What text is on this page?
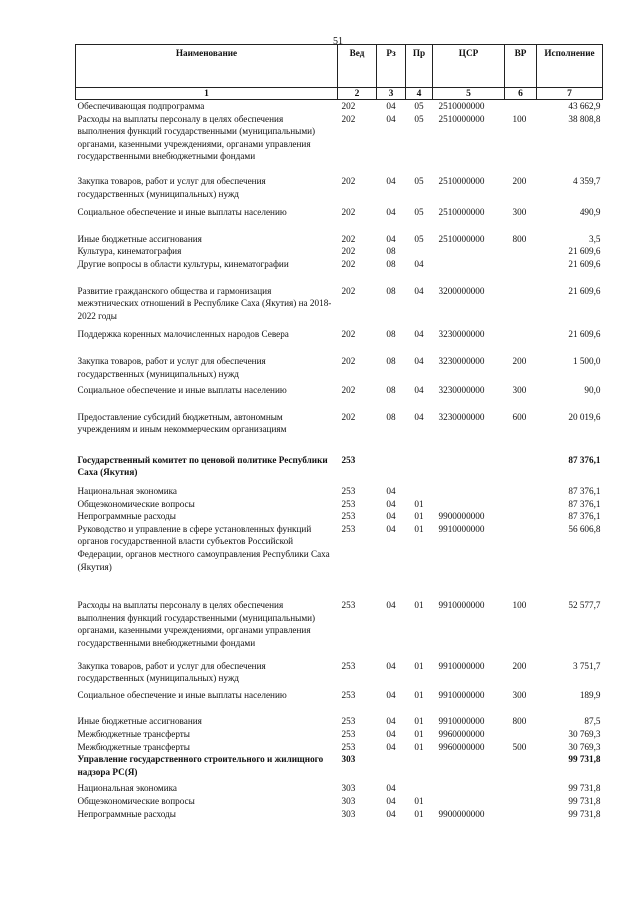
51
Наименование	Вед	Рз	Пр	ЦСР	ВР	Исполнение
1	2	3	4	5	6	7
Обеспечивающая подпрограмма	202	04	05	2510000000		43 662,9
Расходы на выплаты персоналу в целях обеспечения выполнения функций государственными (муниципальными) органами, казенными учреждениями, органами управления государственными внебюджетными фондами	202	04	05	2510000000	100	38 808,8
Закупка товаров, работ и услуг для обеспечения государственных (муниципальных) нужд	202	04	05	2510000000	200	4 359,7
Социальное обеспечение и иные выплаты населению	202	04	05	2510000000	300	490,9
Иные бюджетные ассигнования	202	04	05	2510000000	800	3,5
Культура, кинематография	202	08				21 609,6
Другие вопросы в области культуры, кинематографии	202	08	04			21 609,6
Развитие гражданского общества и гармонизация межэтнических отношений в Республике Саха (Якутия) на 2018-2022 годы	202	08	04	3200000000		21 609,6
Поддержка коренных малочисленных народов Севера	202	08	04	3230000000		21 609,6
Закупка товаров, работ и услуг для обеспечения государственных (муниципальных) нужд	202	08	04	3230000000	200	1 500,0
Социальное обеспечение и иные выплаты населению	202	08	04	3230000000	300	90,0
Предоставление субсидий бюджетным, автономным учреждениям и иным некоммерческим организациям	202	08	04	3230000000	600	20 019,6
Государственный комитет по ценовой политике Республики Саха (Якутия)	253					87 376,1
Национальная экономика	253	04				87 376,1
Общеэкономические вопросы	253	04	01			87 376,1
Непрограммные расходы	253	04	01	9900000000		87 376,1
Руководство и управление в сфере установленных функций органов государственной власти субъектов Российской Федерации, органов местного самоуправления Республики Саха (Якутия)	253	04	01	9910000000		56 606,8
Расходы на выплаты персоналу в целях обеспечения выполнения функций государственными (муниципальными) органами, казенными учреждениями, органами управления государственными внебюджетными фондами	253	04	01	9910000000	100	52 577,7
Закупка товаров, работ и услуг для обеспечения государственных (муниципальных) нужд	253	04	01	9910000000	200	3 751,7
Социальное обеспечение и иные выплаты населению	253	04	01	9910000000	300	189,9
Иные бюджетные ассигнования	253	04	01	9910000000	800	87,5
Межбюджетные трансферты	253	04	01	9960000000		30 769,3
Межбюджетные трансферты	253	04	01	9960000000	500	30 769,3
Управление государственного строительного и жилищного надзора РС(Я)	303					99 731,8
Национальная экономика	303	04				99 731,8
Общеэкономические вопросы	303	04	01			99 731,8
Непрограммные расходы	303	04	01	9900000000		99 731,8
